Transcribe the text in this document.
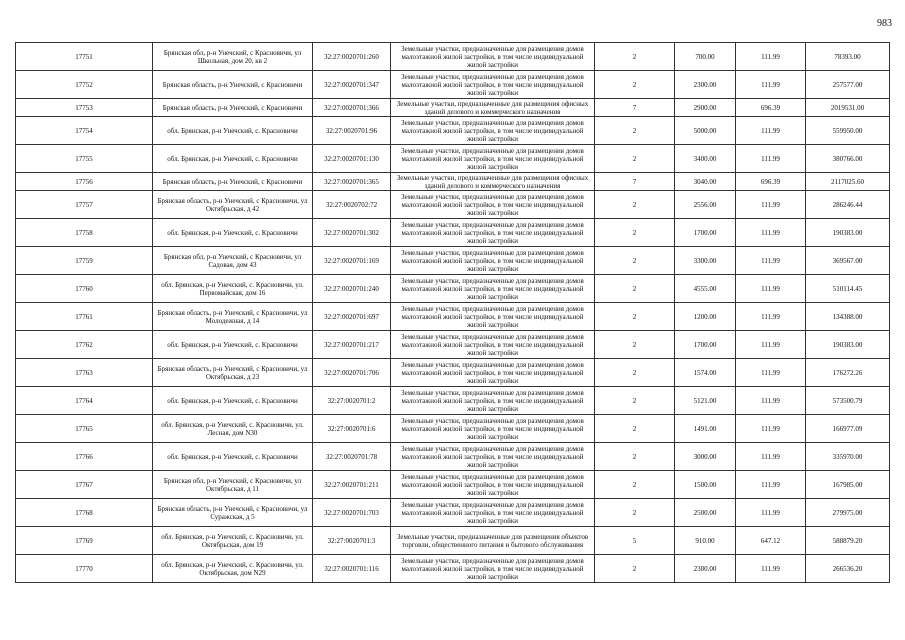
983
17751	Брянская обл, р-н Унечский, с Красновичи, ул Школьная, дом 20, кв 2	32:27:0020701:260	Земельные участки, предназначенные для размещения домов малоэтажной жилой застройки, в том числе индивидуальной жилой застройки	2	700.00	111.99	78393.00
17752	Брянская область, р-н Унечский, с Красновичи	32:27:0020701:347	Земельные участки, предназначенные для размещения домов малоэтажной жилой застройки, в том числе индивидуальной жилой застройки	2	2300.00	111.99	257577.00
17753	Брянская область, р-н Унечский, с Красновичи	32:27:0020701:366	Земельные участки, предназначенные для размещения офисных зданий делового и коммерческого назначения	7	2900.00	696.39	2019531.00
17754	обл. Брянская, р-н Унечский, с. Красновичи	32:27:0020701:96	Земельные участки, предназначенные для размещения домов малоэтажной жилой застройки, в том числе индивидуальной жилой застройки	2	5000.00	111.99	559950.00
17755	обл. Брянская, р-н Унечский, с. Красновичи	32:27:0020701:130	Земельные участки, предназначенные для размещения домов малоэтажной жилой застройки, в том числе индивидуальной жилой застройки	2	3400.00	111.99	380766.00
17756	Брянская область, р-н Унечский, с Красновичи	32:27:0020701:365	Земельные участки, предназначенные для размещения офисных зданий делового и коммерческого назначения	7	3040.00	696.39	2117025.60
17757	Брянская область, р-н Унечский, с Красновичи, ул Октябрьская, д 42	32:27:0020702:72	Земельные участки, предназначенные для размещения домов малоэтажной жилой застройки, в том числе индивидуальной жилой застройки	2	2556.00	111.99	286246.44
17758	обл. Брянская, р-н Унечский, с. Красновичи	32:27:0020701:302	Земельные участки, предназначенные для размещения домов малоэтажной жилой застройки, в том числе индивидуальной жилой застройки	2	1700.00	111.99	190383.00
17759	Брянская обл, р-н Унечский, с Красновичи, ул Садовая, дом 43	32:27:0020701:169	Земельные участки, предназначенные для размещения домов малоэтажной жилой застройки, в том числе индивидуальной жилой застройки	2	3300.00	111.99	369567.00
17760	обл. Брянская, р-н Унечский, с. Красновичи, ул. Первомайская, дом 16	32:27:0020701:240	Земельные участки, предназначенные для размещения домов малоэтажной жилой застройки, в том числе индивидуальной жилой застройки	2	4555.00	111.99	510114.45
17761	Брянская область, р-н Унечский, с Красновичи, ул Молодежная, д 14	32:27:0020701:697	Земельные участки, предназначенные для размещения домов малоэтажной жилой застройки, в том числе индивидуальной жилой застройки	2	1200.00	111.99	134388.00
17762	обл. Брянская, р-н Унечский, с. Красновичи	32:27:0020701:217	Земельные участки, предназначенные для размещения домов малоэтажной жилой застройки, в том числе индивидуальной жилой застройки	2	1700.00	111.99	190383.00
17763	Брянская область, р-н Унечский, с Красновичи, ул Октябрьская, д 23	32:27:0020701:706	Земельные участки, предназначенные для размещения домов малоэтажной жилой застройки, в том числе индивидуальной жилой застройки	2	1574.00	111.99	176272.26
17764	обл. Брянская, р-н Унечский, с. Красновичи	32:27:0020701:2	Земельные участки, предназначенные для размещения домов малоэтажной жилой застройки, в том числе индивидуальной жилой застройки	2	5121.00	111.99	573500.79
17765	обл. Брянская, р-н Унечский, с. Красновичи, ул. Лесная, дом N30	32:27:0020701:6	Земельные участки, предназначенные для размещения домов малоэтажной жилой застройки, в том числе индивидуальной жилой застройки	2	1491.00	111.99	166977.09
17766	обл. Брянская, р-н Унечский, с. Красновичи	32:27:0020701:78	Земельные участки, предназначенные для размещения домов малоэтажной жилой застройки, в том числе индивидуальной жилой застройки	2	3000.00	111.99	335970.00
17767	Брянская обл, р-н Унечский, с Красновичи, ул Октябрьская, д 11	32:27:0020701:211	Земельные участки, предназначенные для размещения домов малоэтажной жилой застройки, в том числе индивидуальной жилой застройки	2	1500.00	111.99	167985.00
17768	Брянская область, р-н Унечский, с Красновичи, ул Суражская, д 5	32:27:0020701:703	Земельные участки, предназначенные для размещения домов малоэтажной жилой застройки, в том числе индивидуальной жилой застройки	2	2500.00	111.99	279975.00
17769	обл. Брянская, р-н Унечский, с. Красновичи, ул. Октябрьская, дом 19	32:27:0020701:3	Земельные участки, предназначенные для размещения объектов торговли, общественного питания и бытового обслуживания	5	910.00	647.12	588879.20
17770	обл. Брянская, р-н Унечский, с. Красновичи, ул. Октябрьская, дом N29	32:27:0020701:116	Земельные участки, предназначенные для размещения домов малоэтажной жилой застройки, в том числе индивидуальной жилой застройки	2	2380.00	111.99	266536.20
